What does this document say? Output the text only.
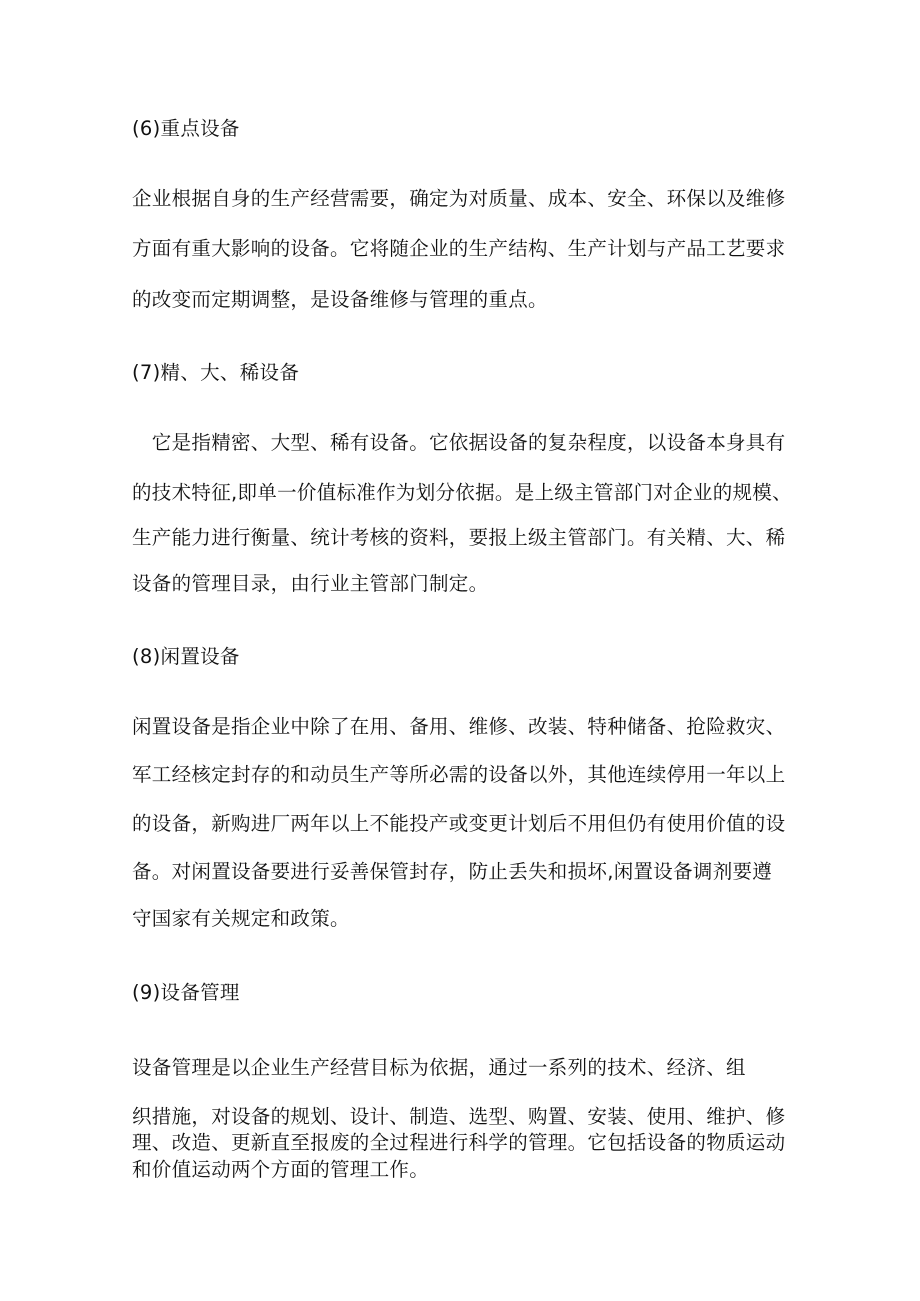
(6)重点设备
企业根据自身的生产经营需要，确定为对质量、成本、安全、环保以及维修
方面有重大影响的设备。它将随企业的生产结构、生产计划与产品工艺要求
的改变而定期调整，是设备维修与管理的重点。
(7)精、大、稀设备
　它是指精密、大型、稀有设备。它依据设备的复杂程度，以设备本身具有
的技术特征,即单一价值标准作为划分依据。是上级主管部门对企业的规模、
生产能力进行衡量、统计考核的资料，要报上级主管部门。有关精、大、稀
设备的管理目录，由行业主管部门制定。
(8)闲置设备
闲置设备是指企业中除了在用、备用、维修、改装、特种储备、抢险救灾、
军工经核定封存的和动员生产等所必需的设备以外，其他连续停用一年以上
的设备，新购进厂两年以上不能投产或变更计划后不用但仍有使用价值的设
备。对闲置设备要进行妥善保管封存，防止丢失和损坏,闲置设备调剂要遵
守国家有关规定和政策。
(9)设备管理
设备管理是以企业生产经营目标为依据，通过一系列的技术、经济、组
织措施，对设备的规划、设计、制造、选型、购置、安装、使用、维护、修
理、改造、更新直至报废的全过程进行科学的管理。它包括设备的物质运动
和价值运动两个方面的管理工作。
